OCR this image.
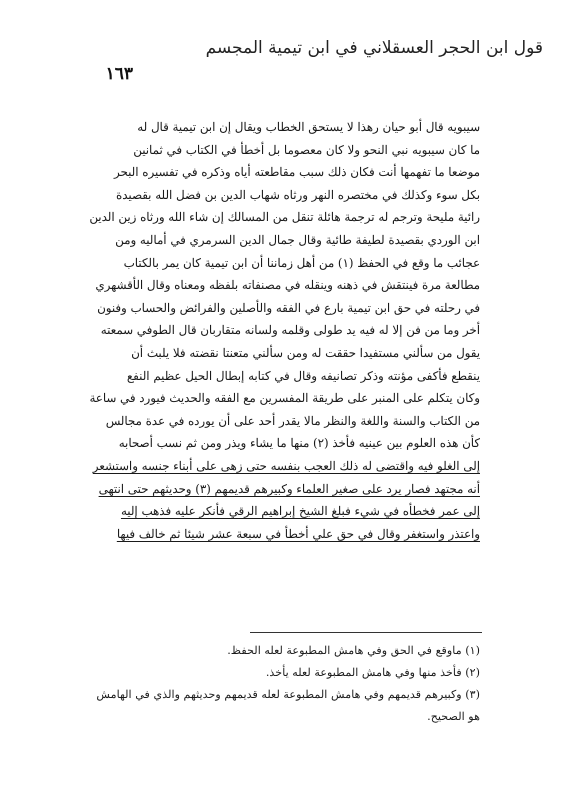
قول ابن الحجر العسقلاني في ابن تيمية المجسم
١٦٣
سيبويه قال أبو حيان رهذا لا يستحق الخطاب ويقال إن ابن تيمية قال له
ما كان سيبويه نبي النحو ولا كان معصوما بل أخطأ في الكتاب في ثمانين
موضعا ما تفهمها أنت فكان ذلك سبب مقاطعته أياه وذكره في تفسيره البحر
بكل سوء وكذلك في مختصره النهر ورثاه شهاب الدين بن فضل الله بقصيدة
رائية مليحة وترجم له ترجمة هائلة تنقل من المسالك إن شاء الله ورثاه زين الدين
ابن الوردي بقصيدة لطيفة طائية وقال جمال الدين السرمري في أماليه ومن
عجائب ما وقع في الحفظ (١) من أهل زماننا أن ابن تيمية كان يمر بالكتاب
مطالعة مرة فينتقش في ذهنه وينقله في مصنفاته بلفظه ومعناه وقال الأقشهري
في رحلته في حق ابن تيمية بارع في الفقه والأصلين والفرائض والحساب وفنون
أخر وما من فن إلا له فيه يد طولى وقلمه ولسانه متقاربان قال الطوفي سمعته
يقول من سألني مستفيدا حققت له ومن سألني متعنتا نقضته فلا يلبث أن
ينقطع فأكفى مؤنته وذكر تصانيفه وقال في كتابه إبطال الحيل عظيم النفع
وكان يتكلم على المنبر على طريقة المفسرين مع الفقه والحديث فيورد في ساعة
من الكتاب والسنة واللغة والنظر مالا يقدر أحد على أن يورده في عدة مجالس
كأن هذه العلوم بين عينيه فأخذ (٢) منها ما يشاء ويذر ومن ثم نسب أصحابه
إلى الغلو فيه واقتضى له ذلك العجب بنفسه حتى زهى على أبناء جنسه واستشعر
أنه مجتهد فصار يرد على صغير العلماء وكبيرهم قديمهم (٣) وحديثهم حتى انتهى
إلى عمر فخطأه في شيء فبلغ الشيخ إبراهيم الرقي فأنكر عليه فذهب إليه
واعتذر واستغفر وقال في حق علي أخطأ في سبعة عشر شيئا ثم خالف فيها
(١) ماوقع في الحق وفي هامش المطبوعة لعله الحفظ.
(٢) فأخذ منها وفي هامش المطبوعة لعله يأخذ.
(٣) وكبيرهم قديمهم وفي هامش المطبوعة لعله قديمهم وحديثهم والذي في الهامش
هو الصحيح.
